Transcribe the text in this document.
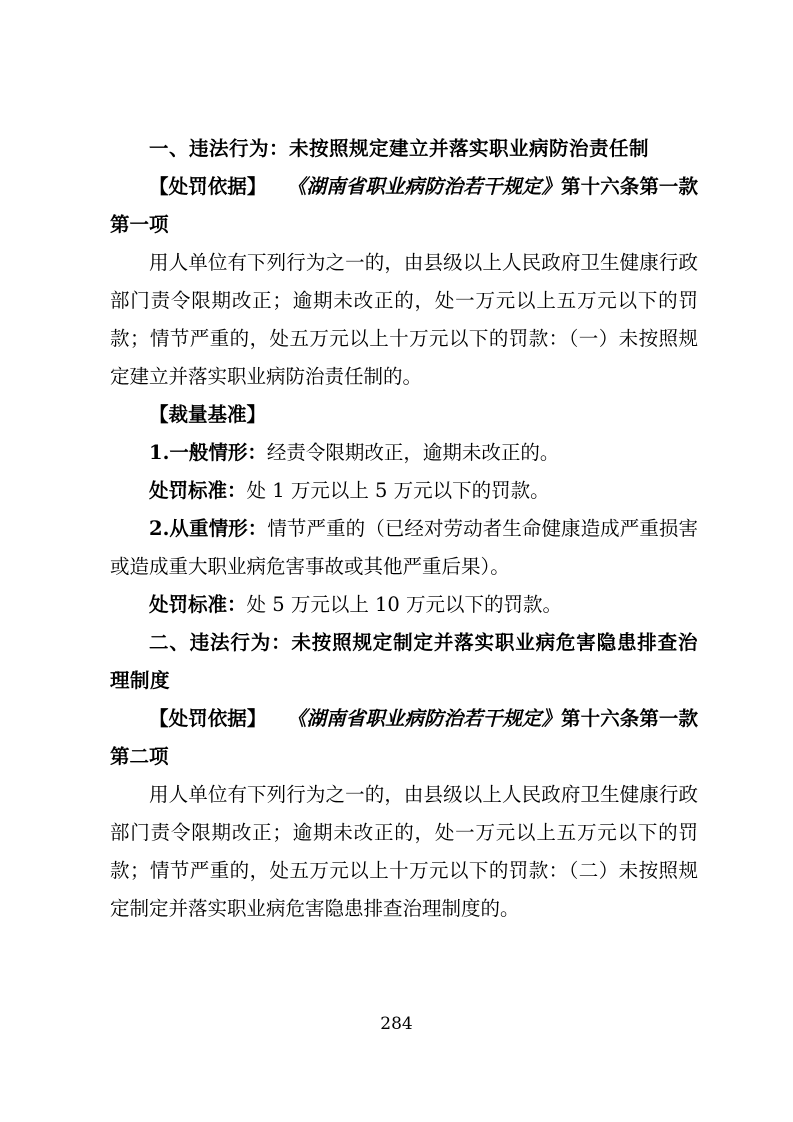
一、违法行为：未按照规定建立并落实职业病防治责任制

【处罚依据】 《湖南省职业病防治若干规定》第十六条第一款第一项

用人单位有下列行为之一的，由县级以上人民政府卫生健康行政部门责令限期改正；逾期未改正的，处一万元以上五万元以下的罚款；情节严重的，处五万元以上十万元以下的罚款：（一）未按照规定建立并落实职业病防治责任制的。

【裁量基准】

1.一般情形：经责令限期改正，逾期未改正的。

处罚标准：处 1 万元以上 5 万元以下的罚款。

2.从重情形：情节严重的（已经对劳动者生命健康造成严重损害或造成重大职业病危害事故或其他严重后果）。

处罚标准：处 5 万元以上 10 万元以下的罚款。

二、违法行为：未按照规定制定并落实职业病危害隐患排查治理制度

【处罚依据】 《湖南省职业病防治若干规定》第十六条第一款第二项

用人单位有下列行为之一的，由县级以上人民政府卫生健康行政部门责令限期改正；逾期未改正的，处一万元以上五万元以下的罚款；情节严重的，处五万元以上十万元以下的罚款：（二）未按照规定制定并落实职业病危害隐患排查治理制度的。

284
